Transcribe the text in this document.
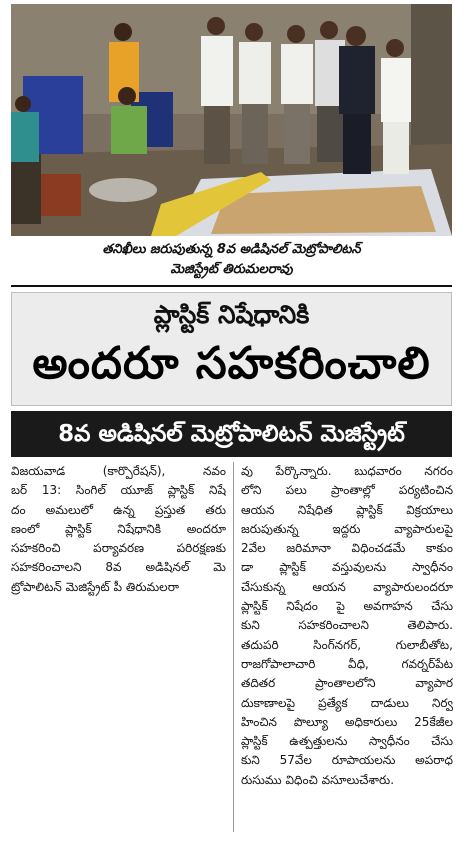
తనిఖీలు జరుపుతున్న 8వ అడిషినల్ మెట్రోపాలిటన్
మెజిస్ట్రేట్ తిరుమలరావు
ప్లాస్టిక్ నిషేధానికి
అందరూ సహకరించాలి
8వ అడిషినల్ మెట్రోపాలిటన్ మెజిస్ట్రేట్
విజయవాడ (కార్పొరేషన్), నవం
బర్ 13: సింగిల్ యూజ్ ప్లాస్టిక్ నిషే
దం అమలులో ఉన్న ప్రస్తుత తరు
ణంలో ప్లాస్టిక్ నిషేధానికి అందరూ
సహకరించి పర్యావరణ పరిరక్షణకు
సహకరించాలని 8వ అడిషినల్ మె
ట్రోపాలిటన్ మెజిస్ట్రేట్ పీ తిరుమలరా
వు పేర్కొన్నారు. బుధవారం నగరం
లోని పలు ప్రాంతాల్లో పర్యటించిన
ఆయన నిషేధిత ప్లాస్టిక్ విక్రయాలు
జరుపుతున్న ఇద్దరు వ్యాపారులపై
2వేల జరిమానా విధించడమే కాకుం
డా ప్లాస్టిక్ వస్తువులను స్వాధీనం
చేసుకున్న ఆయన వ్యాపారులందరూ
ప్లాస్టిక్ నిషేదం పై అవగాహన చేసు
కుని సహకరించాలని తెలిపారు.
తదుపరి సింగ్‌నగర్, గులాబీతోట,
రాజగోపాలాచారి వీధి, గవర్నర్‌పేట
తదితర ప్రాంతాలలోని వ్యాపార
దుకాణాలపై ప్రత్యేక దాడులు నిర్వ
హించిన పొల్యూ అధికారులు 25కేజీల
ప్లాస్టిక్ ఉత్పత్తులను స్వాధీనం చేసు
కుని 57వేల రూపాయలను అపరాధ
రుసుము విధించి వసూలుచేశారు.
